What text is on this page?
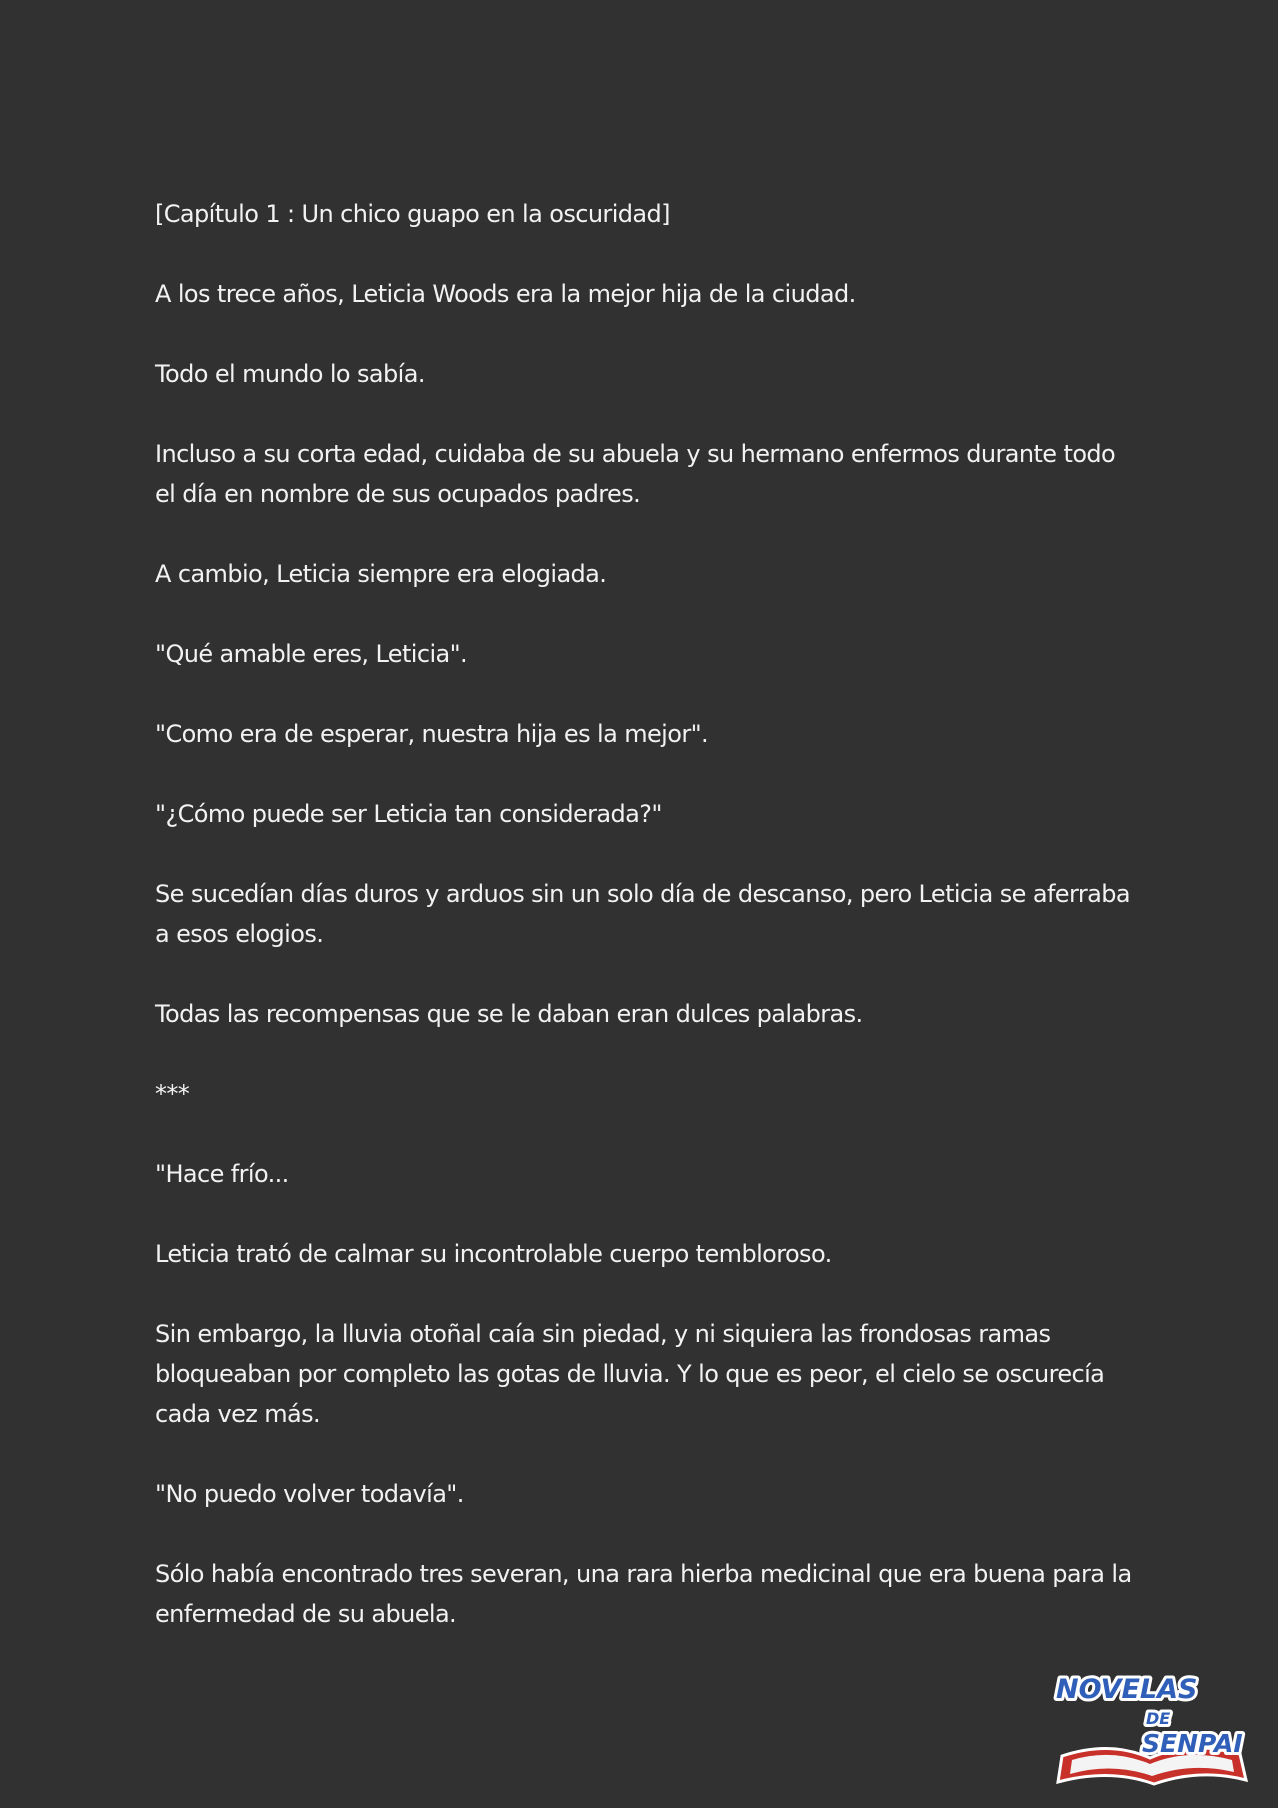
[Capítulo 1 : Un chico guapo en la oscuridad]

A los trece años, Leticia Woods era la mejor hija de la ciudad.

Todo el mundo lo sabía.

Incluso a su corta edad, cuidaba de su abuela y su hermano enfermos durante todo el día en nombre de sus ocupados padres.

A cambio, Leticia siempre era elogiada.

"Qué amable eres, Leticia".

"Como era de esperar, nuestra hija es la mejor".

"¿Cómo puede ser Leticia tan considerada?"

Se sucedían días duros y arduos sin un solo día de descanso, pero Leticia se aferraba a esos elogios.

Todas las recompensas que se le daban eran dulces palabras.

***

"Hace frío...

Leticia trató de calmar su incontrolable cuerpo tembloroso.

Sin embargo, la lluvia otoñal caía sin piedad, y ni siquiera las frondosas ramas bloqueaban por completo las gotas de lluvia. Y lo que es peor, el cielo se oscurecía cada vez más.

"No puedo volver todavía".

Sólo había encontrado tres severan, una rara hierba medicinal que era buena para la enfermedad de su abuela.

NOVELAS
DE
SENPAI
